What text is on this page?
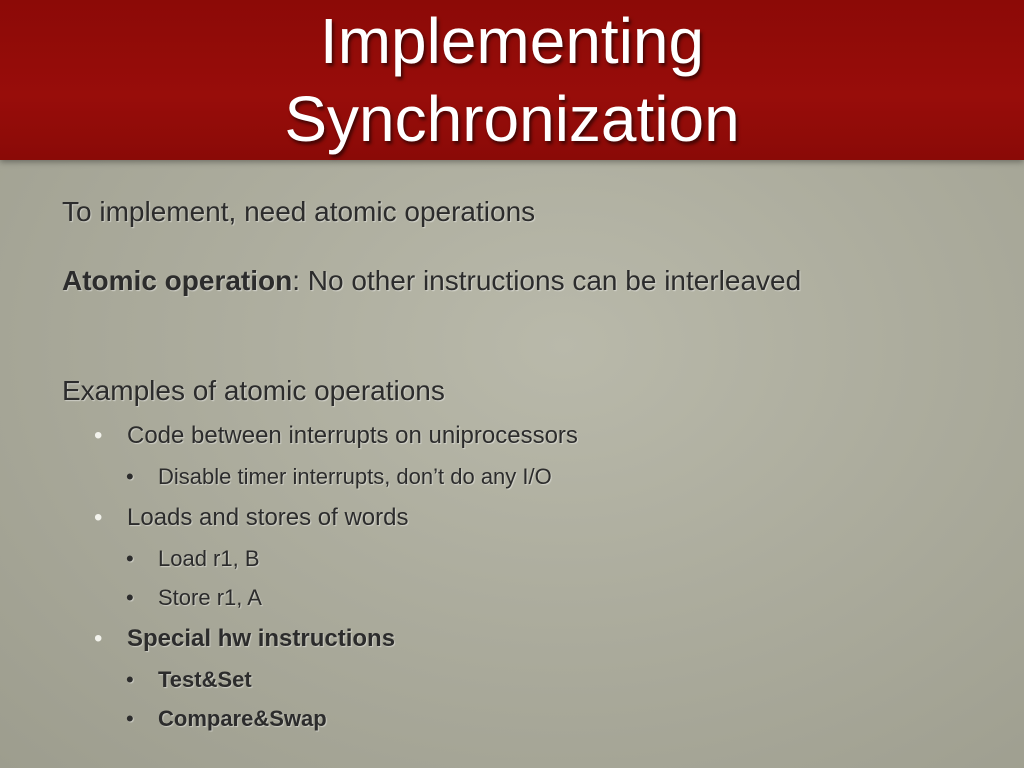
Implementing
Synchronization
To implement, need atomic operations
Atomic operation: No other instructions can be interleaved
Examples of atomic operations
• Code between interrupts on uniprocessors
• Disable timer interrupts, don’t do any I/O
• Loads and stores of words
• Load r1, B
• Store r1, A
• Special hw instructions
• Test&Set
• Compare&Swap
